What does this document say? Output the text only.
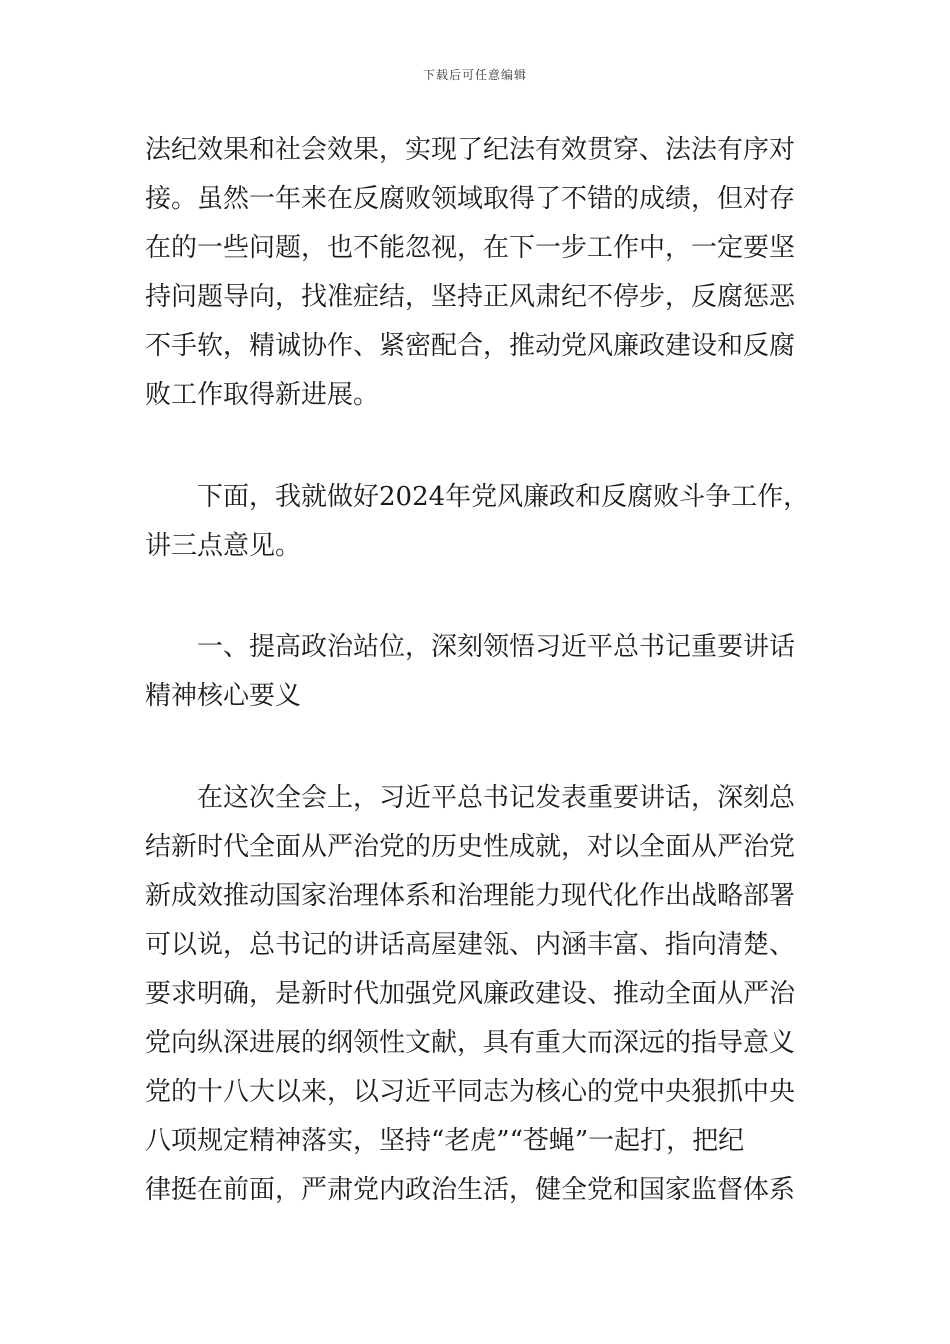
下载后可任意编辑
法纪效果和社会效果，实现了纪法有效贯穿、法法有序对
接。虽然一年来在反腐败领域取得了不错的成绩，但对存
在的一些问题，也不能忽视，在下一步工作中，一定要坚
持问题导向，找准症结，坚持正风肃纪不停步，反腐惩恶
不手软，精诚协作、紧密配合，推动党风廉政建设和反腐
败工作取得新进展。
下面，我就做好2024年党风廉政和反腐败斗争工作，
讲三点意见。
一、提高政治站位，深刻领悟习近平总书记重要讲话
精神核心要义
在这次全会上，习近平总书记发表重要讲话，深刻总
结新时代全面从严治党的历史性成就，对以全面从严治党
新成效推动国家治理体系和治理能力现代化作出战略部署
可以说，总书记的讲话高屋建瓴、内涵丰富、指向清楚、
要求明确，是新时代加强党风廉政建设、推动全面从严治
党向纵深进展的纲领性文献，具有重大而深远的指导意义
党的十八大以来，以习近平同志为核心的党中央狠抓中央
八项规定精神落实，坚持“老虎”“苍蝇”一起打，把纪
律挺在前面，严肃党内政治生活，健全党和国家监督体系
